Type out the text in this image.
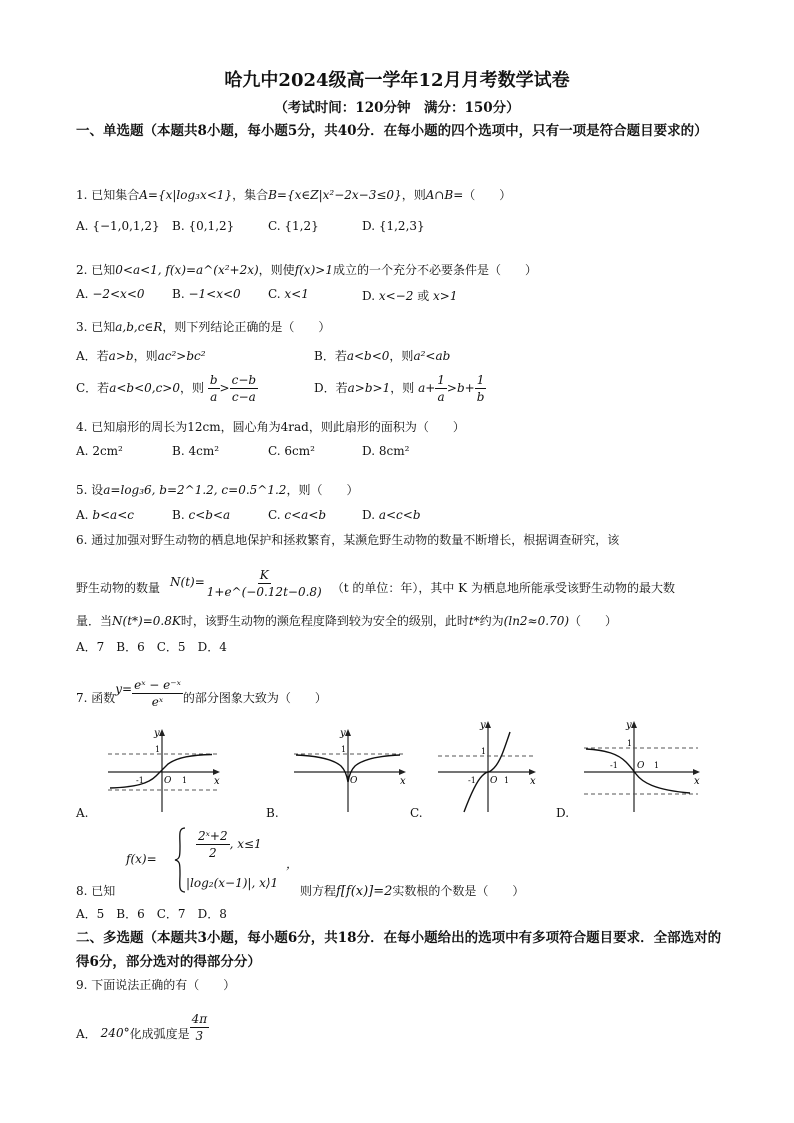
哈九中2024级高一学年12月月考数学试卷
（考试时间：120分钟　满分：150分）
一、单选题（本题共8小题，每小题5分，共40分．在每小题的四个选项中，只有一项是符合题目要求的）
1. 已知集合A={x|log₃x<1}，集合B={x∈Z|x²−2x−3≤0}，则A∩B=（　　）
A. {−1,0,1,2} B. {0,1,2}	C. {1,2}	D. {1,2,3}
2. 已知0<a<1, f(x)=a^(x²+2x)，则使f(x)>1成立的一个充分不必要条件是（　　）
A. −2<x<0 B. −1<x<0 C. x<1	D. x<−2 或 x>1
3. 已知a,b,c∈R，则下列结论正确的是（　　）
A．若a>b，则ac²>bc²	B．若a<b<0，则a²<ab
C．若a<b<0,c>0，则 $\frac{b}{a} > \frac{c-b}{c-a}$	D．若a>b>1，则 $a+ \frac{1}{a} >b+ \frac{1}{b}$
4. 已知扇形的周长为12cm，圆心角为4rad，则此扇形的面积为（　　）
A. 2cm²	B. 4cm²	C. 6cm²	D. 8cm²
5. 设a=log₃6, b=2^1.2, c=0.5^1.2，则（　　）
A. b<a<c	B. c<b<a	C. c<a<b	D. a<c<b
6. 通过加强对野生动物的栖息地保护和拯救繁育，某濒危野生动物的数量不断增长，根据调查研究，该
野生动物的数量 $N(t)= \frac{K}{1+e\^{}(-0.12t-0.8)} (t$ 的单位：年），其中 K 为栖息地所能承受该野生动物的最大数
量．当N(t*)=0.8K时，该野生动物的濒危程度降到较为安全的级别，此时t*约为(ln2≈0.70)（　　）
A．7　B．6　C．5　D．4
7. 函数
$y= \frac{\text{eˣ − e⁻ˣ}}{\text{eˣ}}$ 的部分图象大致为（　　）
y
x
1
-1 O 1
A.
y
x
1
O
B.
y
x
1
-1 O 1
C.
y
x
1
-1 O 1
D.
f(x)=	$\frac{\text{2ˣ+2}}{2}$ , x≤1
，
|log₂(x−1)|, x⟩1
8. 已知	则方程f[f(x)]=2实数根的个数是（　　）
A．5　B．6　C．7　D．8
二、多选题（本题共3小题，每小题6分，共18分．在每小题给出的选项中有多项符合题目要求．全部选对的得6分，部分选对的得部分分）
9. 下面说法正确的有（　　）
A． 240° 化成弧度是 $\frac{4\pi}{3}$
